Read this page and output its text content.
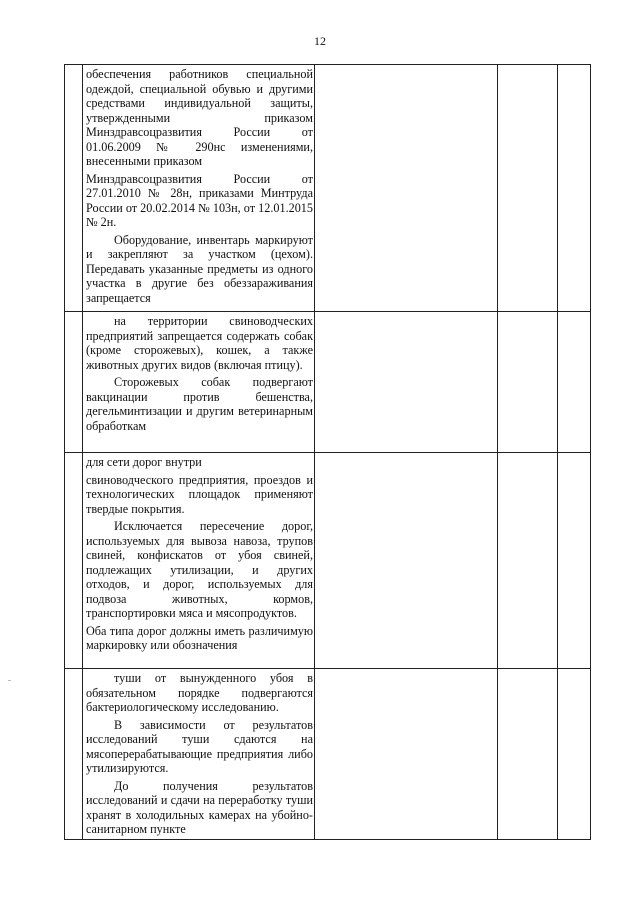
12

	обеспечения работников специальной одеждой, специальной обувью и другими средствами индивидуальной защиты, утвержденными приказом Минздравсоцразвития России от 01.06.2009 № 290нс изменениями, внесенными приказом

Минздравсоцразвития России от 27.01.2010 № 28н, приказами Минтруда России от 20.02.2014 № 103н, от 12.01.2015 № 2н.

Оборудование, инвентарь маркируют и закрепляют за участком (цехом). Передавать указанные предметы из одного участка в другие без обеззараживания запрещается			

	на территории свиноводческих предприятий запрещается содержать собак (кроме сторожевых), кошек, а также животных других видов (включая птицу).

Сторожевых собак подвергают вакцинации против бешенства, дегельминтизации и другим ветеринарным обработкам			

	для сети дорог внутри

свиноводческого предприятия, проездов и технологических площадок применяют твердые покрытия.

Исключается пересечение дорог, используемых для вывоза навоза, трупов свиней, конфискатов от убоя свиней, подлежащих утилизации, и других отходов, и дорог, используемых для подвоза животных, кормов, транспортировки мяса и мясопродуктов.

Оба типа дорог должны иметь различимую маркировку или обозначения			

	туши от вынужденного убоя в обязательном порядке подвергаются бактериологическому исследованию.

В зависимости от результатов исследований туши сдаются на мясоперерабатывающие предприятия либо утилизируются.

До получения результатов исследований и сдачи на переработку туши хранят в холодильных камерах на убойно-санитарном пункте			
